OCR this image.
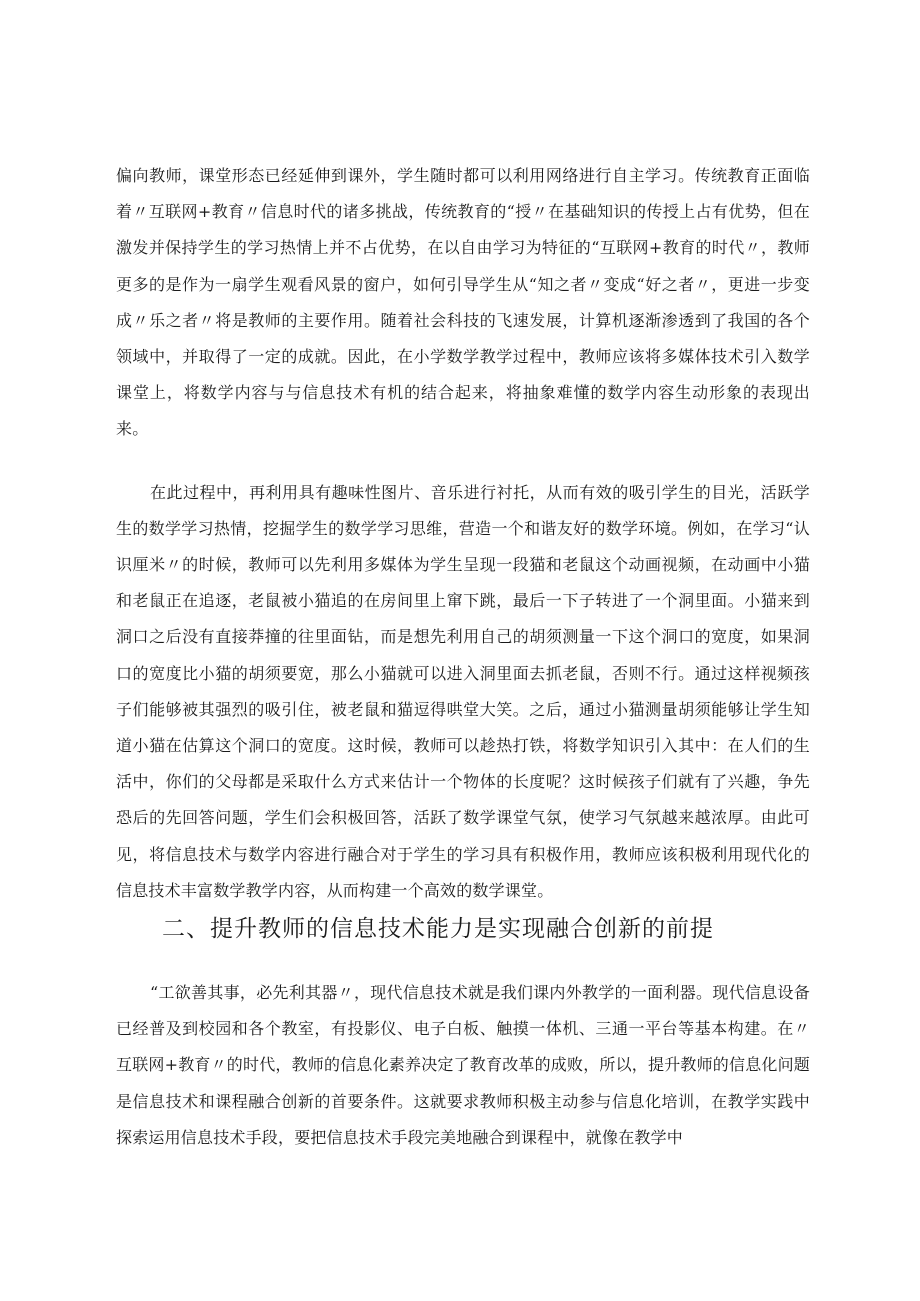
偏向教师，课堂形态已经延伸到课外，学生随时都可以利用网络进行自主学习。传统教育正面临着〃互联网+教育〃信息时代的诸多挑战，传统教育的“授〃在基础知识的传授上占有优势，但在激发并保持学生的学习热情上并不占优势，在以自由学习为特征的“互联网+教育的时代〃，教师更多的是作为一扇学生观看风景的窗户，如何引导学生从“知之者〃变成“好之者〃，更进一步变成〃乐之者〃将是教师的主要作用。随着社会科技的飞速发展，计算机逐渐渗透到了我国的各个领域中，并取得了一定的成就。因此，在小学数学教学过程中，教师应该将多媒体技术引入数学课堂上，将数学内容与与信息技术有机的结合起来，将抽象难懂的数学内容生动形象的表现出来。

在此过程中，再利用具有趣味性图片、音乐进行衬托，从而有效的吸引学生的目光，活跃学生的数学学习热情，挖掘学生的数学学习思维，营造一个和谐友好的数学环境。例如，在学习“认识厘米〃的时候，教师可以先利用多媒体为学生呈现一段猫和老鼠这个动画视频，在动画中小猫和老鼠正在追逐，老鼠被小猫追的在房间里上窜下跳，最后一下子转进了一个洞里面。小猫来到洞口之后没有直接莽撞的往里面钻，而是想先利用自己的胡须测量一下这个洞口的宽度，如果洞口的宽度比小猫的胡须要宽，那么小猫就可以进入洞里面去抓老鼠，否则不行。通过这样视频孩子们能够被其强烈的吸引住，被老鼠和猫逗得哄堂大笑。之后，通过小猫测量胡须能够让学生知道小猫在估算这个洞口的宽度。这时候，教师可以趁热打铁，将数学知识引入其中：在人们的生活中，你们的父母都是采取什么方式来估计一个物体的长度呢？这时候孩子们就有了兴趣，争先恐后的先回答问题，学生们会积极回答，活跃了数学课堂气氛，使学习气氛越来越浓厚。由此可见，将信息技术与数学内容进行融合对于学生的学习具有积极作用，教师应该积极利用现代化的信息技术丰富数学教学内容，从而构建一个高效的数学课堂。

二、提升教师的信息技术能力是实现融合创新的前提

“工欲善其事，必先利其器〃，现代信息技术就是我们课内外教学的一面利器。现代信息设备已经普及到校园和各个教室，有投影仪、电子白板、触摸一体机、三通一平台等基本构建。在〃互联网+教育〃的时代，教师的信息化素养决定了教育改革的成败，所以，提升教师的信息化问题是信息技术和课程融合创新的首要条件。这就要求教师积极主动参与信息化培训，在教学实践中探索运用信息技术手段，要把信息技术手段完美地融合到课程中，就像在教学中
